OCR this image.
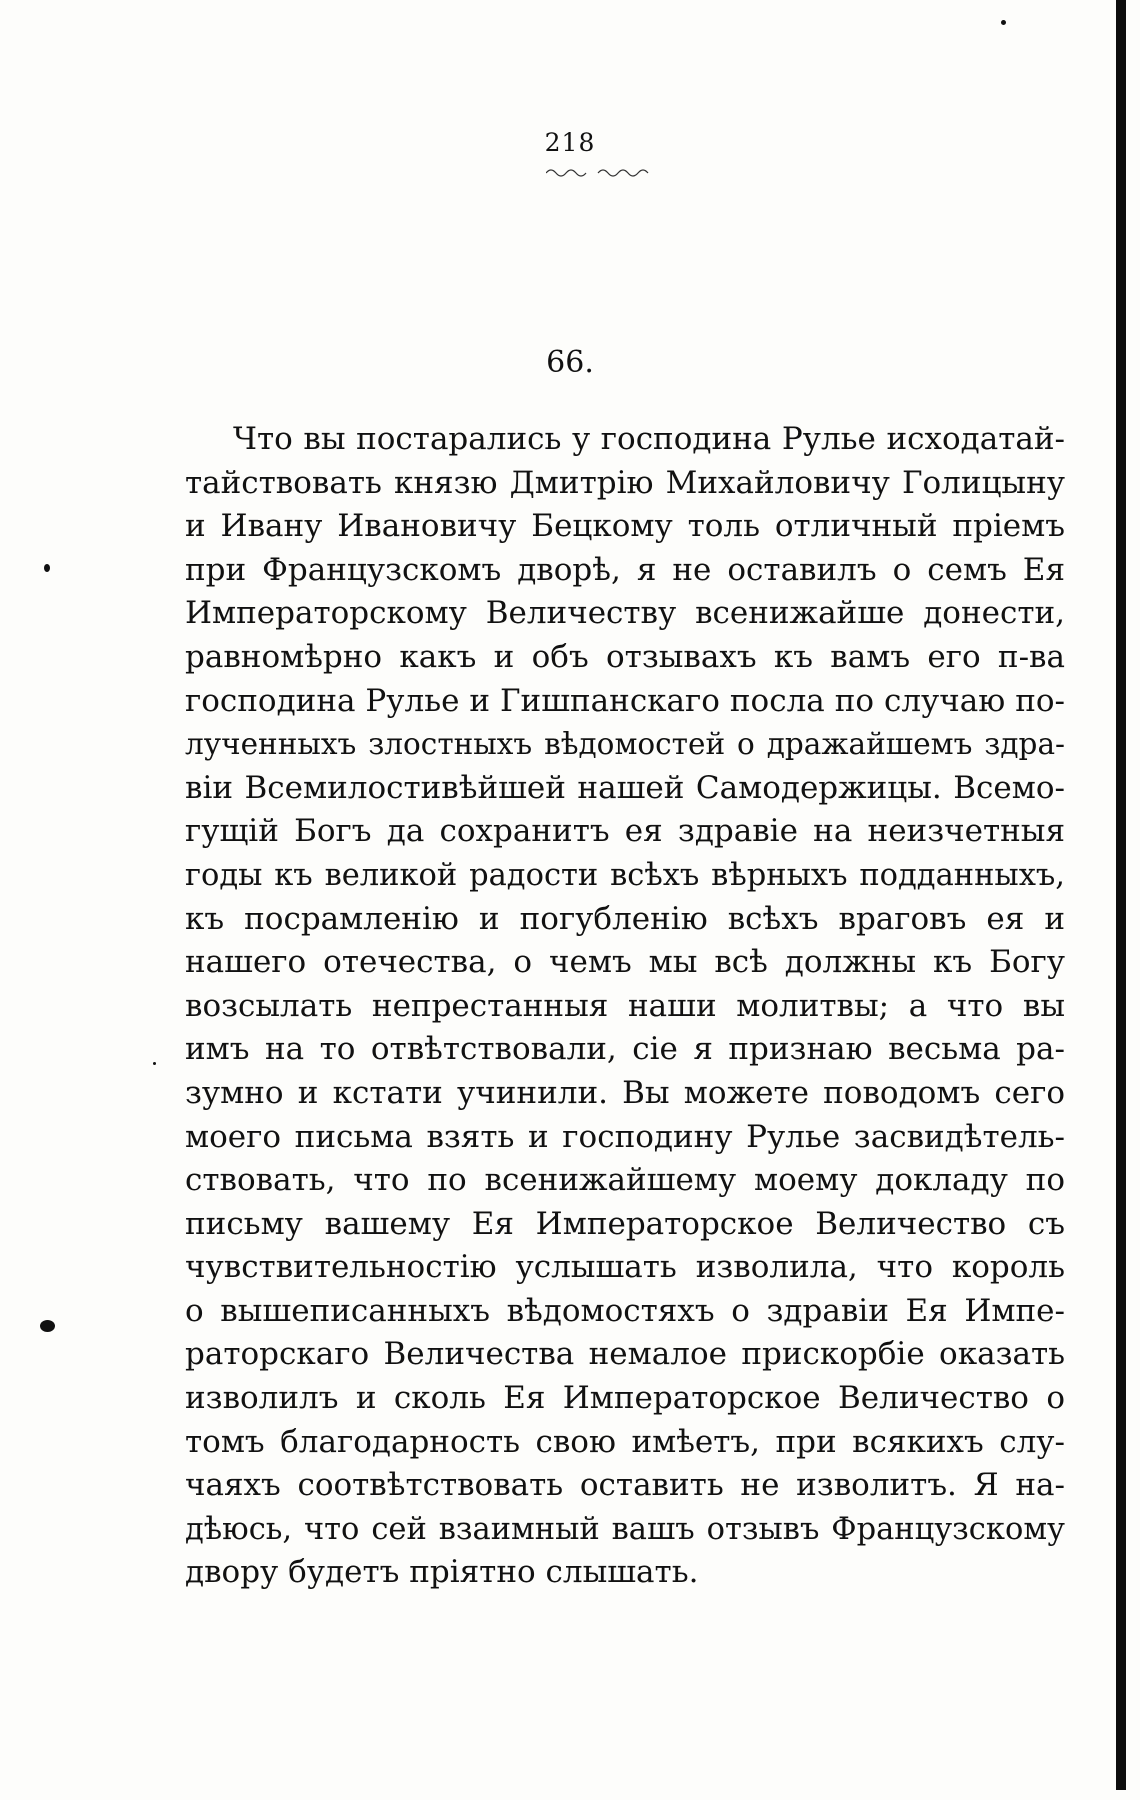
218
66.
Что вы постарались у господина Рулье исходатай-
тайствовать князю Дмитрію Михайловичу Голицыну
и Ивану Ивановичу Бецкому толь отличный пріемъ
при Французскомъ дворѣ, я не оставилъ о семъ Ея
Императорскому Величеству всенижайше донести,
равномѣрно какъ и объ отзывахъ къ вамъ его п-ва
господина Рулье и Гишпанскаго посла по случаю по-
лученныхъ злостныхъ вѣдомостей о дражайшемъ здра-
віи Всемилостивѣйшей нашей Самодержицы. Всемо-
гущій Богъ да сохранитъ ея здравіе на неизчетныя
годы къ великой радости всѣхъ вѣрныхъ подданныхъ,
къ посрамленію и погубленію всѣхъ враговъ ея и
нашего отечества, о чемъ мы всѣ должны къ Богу
возсылать непрестанныя наши молитвы; а что вы
имъ на то отвѣтствовали, сіе я признаю весьма ра-
зумно и кстати учинили. Вы можете поводомъ сего
моего письма взять и господину Рулье засвидѣтель-
ствовать, что по всенижайшему моему докладу по
письму вашему Ея Императорское Величество съ
чувствительностію услышать изволила, что король
о вышеписанныхъ вѣдомостяхъ о здравіи Ея Импе-
раторскаго Величества немалое прискорбіе оказать
изволилъ и сколь Ея Императорское Величество о
томъ благодарность свою имѣетъ, при всякихъ слу-
чаяхъ соотвѣтствовать оставить не изволитъ. Я на-
дѣюсь, что сей взаимный вашъ отзывъ Французскому
двору будетъ пріятно слышать.
